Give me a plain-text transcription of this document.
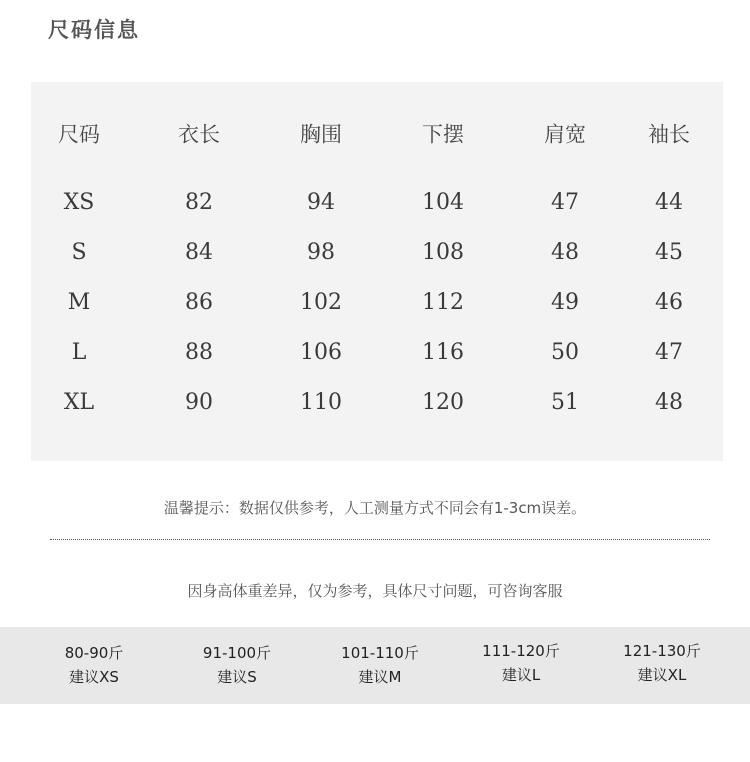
尺码信息
尺码	衣长	胸围	下摆	肩宽	袖长
XS	82	94	104	47	44
S	84	98	108	48	45
M	86	102	112	49	46
L	88	106	116	50	47
XL	90	110	120	51	48
温馨提示：数据仅供参考，人工测量方式不同会有1-3cm误差。
因身高体重差异，仅为参考，具体尺寸问题，可咨询客服
80-90斤
建议XS
91-100斤
建议S
101-110斤
建议M
111-120斤
建议L
121-130斤
建议XL
